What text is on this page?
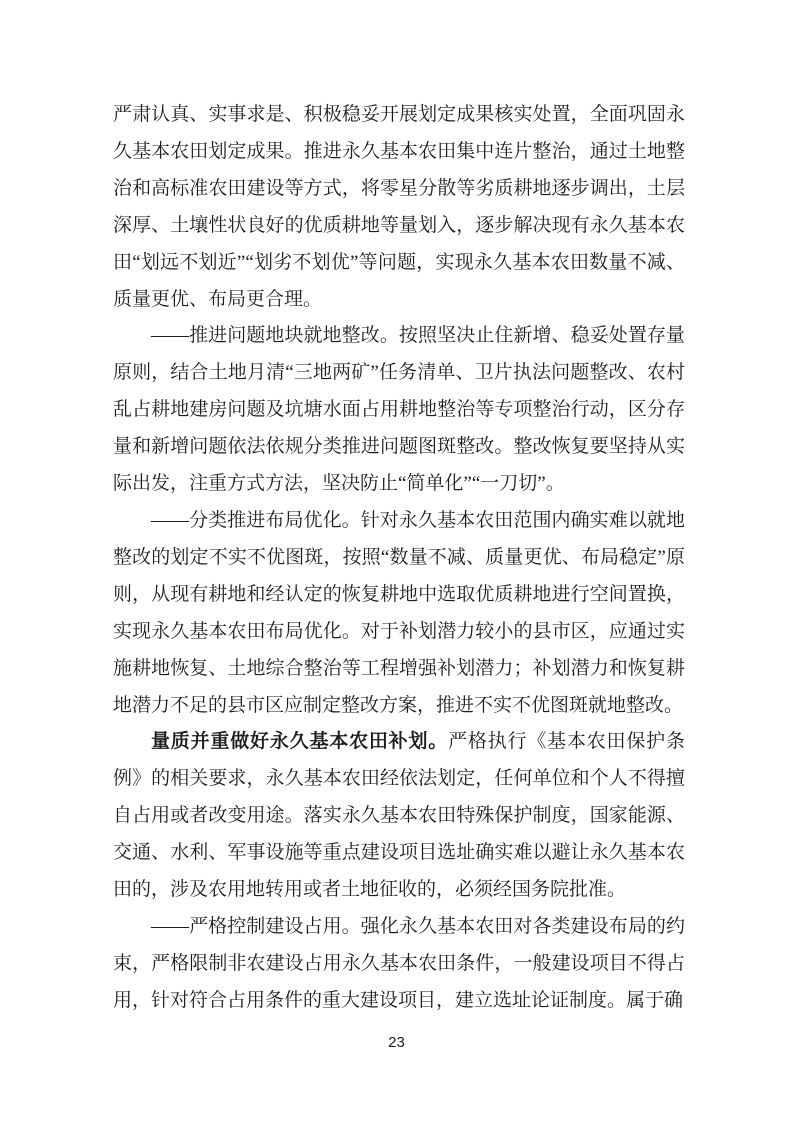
严肃认真、实事求是、积极稳妥开展划定成果核实处置，全面巩固永久基本农田划定成果。推进永久基本农田集中连片整治，通过土地整治和高标准农田建设等方式，将零星分散等劣质耕地逐步调出，土层深厚、土壤性状良好的优质耕地等量划入，逐步解决现有永久基本农田“划远不划近”“划劣不划优”等问题，实现永久基本农田数量不减、质量更优、布局更合理。

——推进问题地块就地整改。按照坚决止住新增、稳妥处置存量原则，结合土地月清“三地两矿”任务清单、卫片执法问题整改、农村乱占耕地建房问题及坑塘水面占用耕地整治等专项整治行动，区分存量和新增问题依法依规分类推进问题图斑整改。整改恢复要坚持从实际出发，注重方式方法，坚决防止“简单化”“一刀切”。

——分类推进布局优化。针对永久基本农田范围内确实难以就地整改的划定不实不优图斑，按照“数量不减、质量更优、布局稳定”原则，从现有耕地和经认定的恢复耕地中选取优质耕地进行空间置换，实现永久基本农田布局优化。对于补划潜力较小的县市区，应通过实施耕地恢复、土地综合整治等工程增强补划潜力；补划潜力和恢复耕地潜力不足的县市区应制定整改方案，推进不实不优图斑就地整改。

量质并重做好永久基本农田补划。严格执行《基本农田保护条例》的相关要求，永久基本农田经依法划定，任何单位和个人不得擅自占用或者改变用途。落实永久基本农田特殊保护制度，国家能源、交通、水利、军事设施等重点建设项目选址确实难以避让永久基本农田的，涉及农用地转用或者土地征收的，必须经国务院批准。

——严格控制建设占用。强化永久基本农田对各类建设布局的约束，严格限制非农建设占用永久基本农田条件，一般建设项目不得占用，针对符合占用条件的重大建设项目，建立选址论证制度。属于确

23
